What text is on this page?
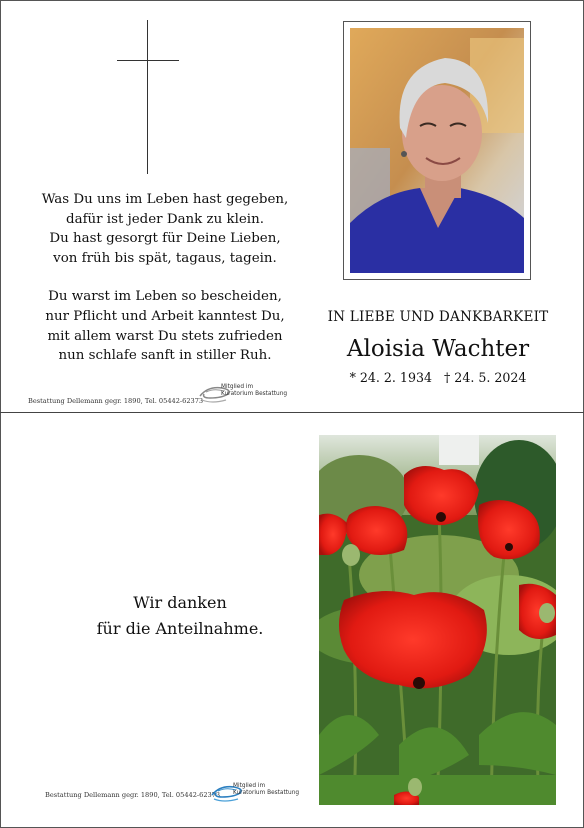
Was Du uns im Leben hast gegeben,
dafür ist jeder Dank zu klein.
Du hast gesorgt für Deine Lieben,
von früh bis spät, tagaus, tagein.
Du warst im Leben so bescheiden,
nur Pflicht und Arbeit kanntest Du,
mit allem warst Du stets zufrieden
nun schlafe sanft in stiller Ruh.
IN LIEBE UND DANKBARKEIT
Aloisia Wachter
* 24. 2. 1934 † 24. 5. 2024
Bestattung Dellemann gegr. 1890, Tel. 05442-62373
Mitglied im
Kuratorium Bestattung
Wir danken
für die Anteilnahme.
Bestattung Dellemann gegr. 1890, Tel. 05442-62373
Mitglied im
Kuratorium Bestattung
